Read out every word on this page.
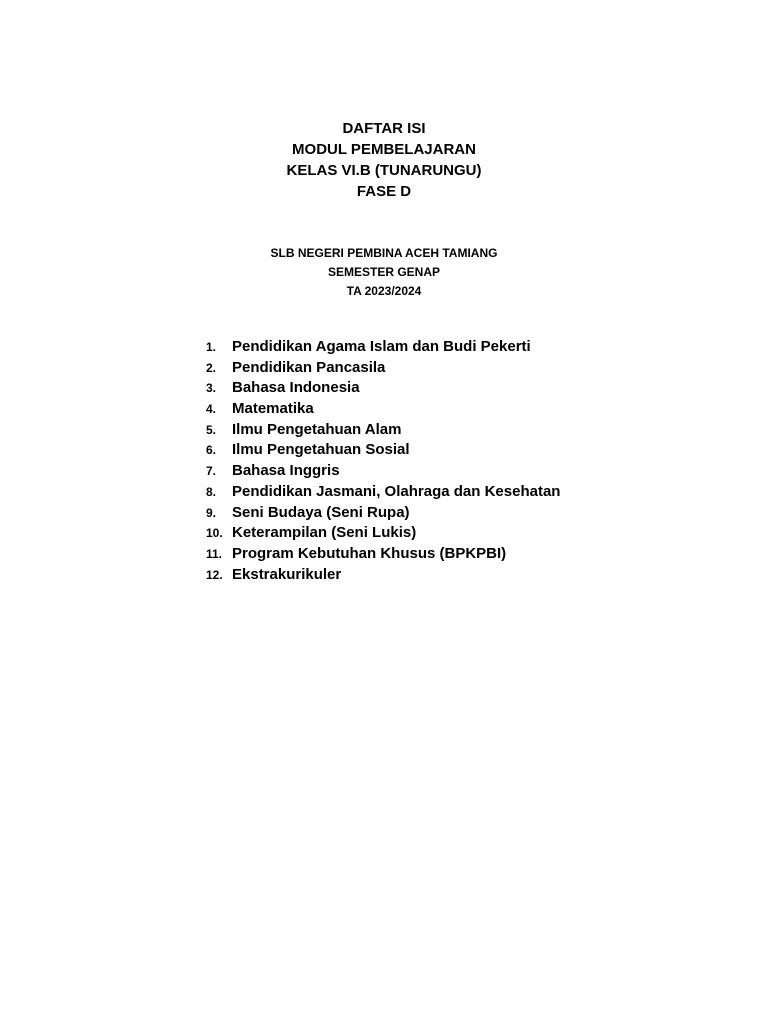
DAFTAR ISI
MODUL PEMBELAJARAN
KELAS VI.B (TUNARUNGU)
FASE D
SLB NEGERI PEMBINA ACEH TAMIANG
SEMESTER GENAP
TA 2023/2024
1.	Pendidikan Agama Islam dan Budi Pekerti
2.	Pendidikan Pancasila
3.	Bahasa Indonesia
4.	Matematika
5.	Ilmu Pengetahuan Alam
6.	Ilmu Pengetahuan Sosial
7.	Bahasa Inggris
8.	Pendidikan Jasmani, Olahraga dan Kesehatan
9.	Seni Budaya (Seni Rupa)
10. Keterampilan (Seni Lukis)
11. Program Kebutuhan Khusus (BPKPBI)
12. Ekstrakurikuler
